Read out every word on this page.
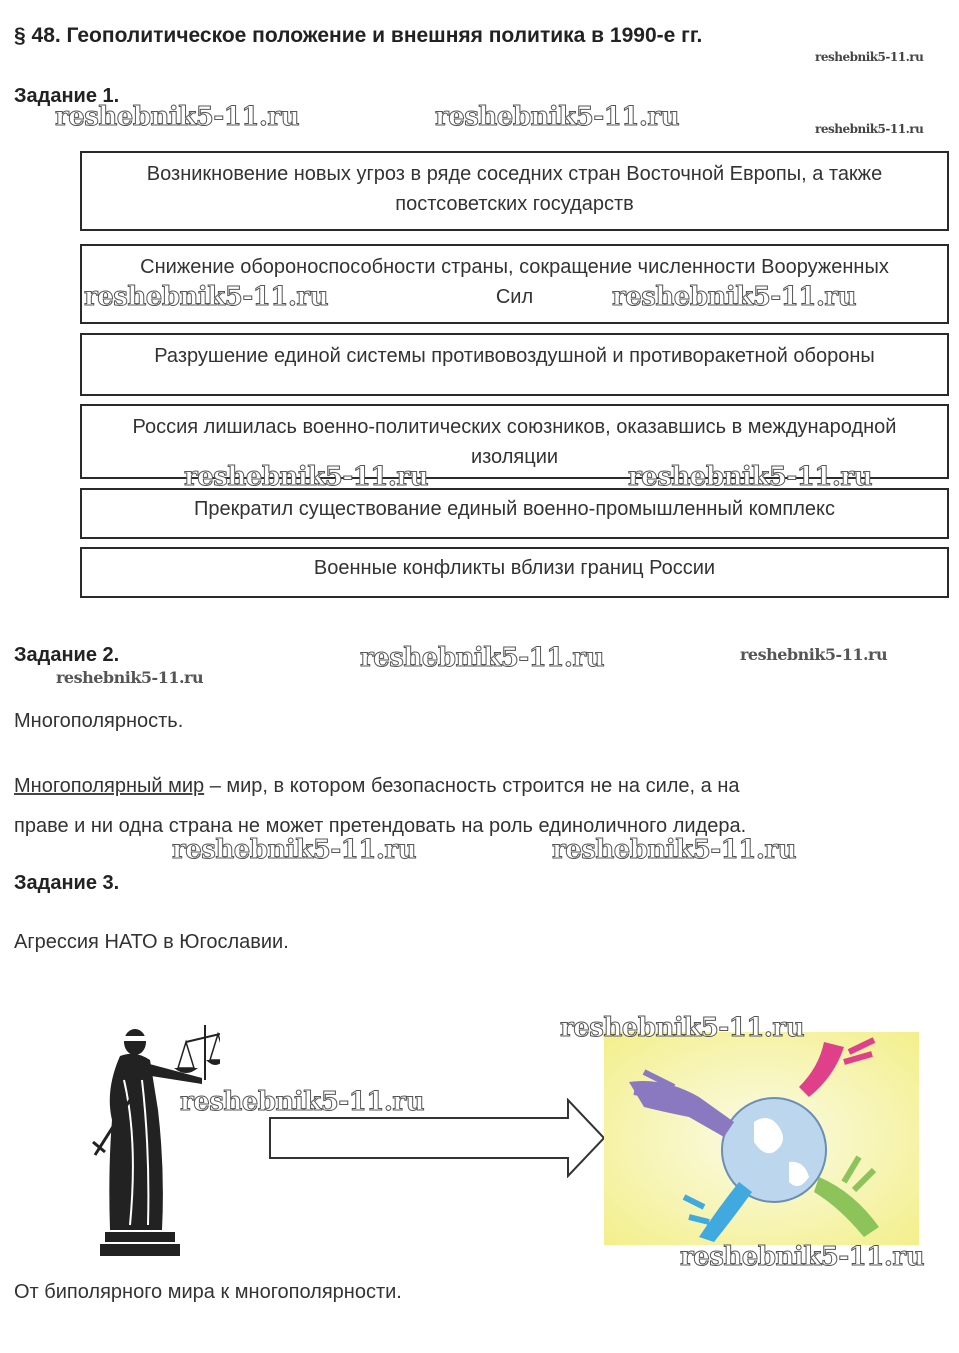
§ 48. Геополитическое положение и внешняя политика в 1990-е гг.
Задание 1.
Возникновение новых угроз в ряде соседних стран Восточной Европы, а также постсоветских государств
Снижение обороноспособности страны, сокращение численности Вооруженных Сил
Разрушение единой системы противовоздушной и противоракетной обороны
Россия лишилась военно-политических союзников, оказавшись в международной изоляции
Прекратил существование единый военно-промышленный комплекс
Военные конфликты вблизи границ России
Задание 2.
Многополярность.
Многополярный мир – мир, в котором безопасность строится не на силе, а на
праве и ни одна страна не может претендовать на роль единоличного лидера.
Задание 3.
Агрессия НАТО в Югославии.
От биполярного мира к многополярности.
reshebnik5-11.ru
reshebnik5-11.ru	reshebnik5-11.ru	reshebnik5-11.ru
reshebnik5-11.ru	reshebnik5-11.ru
reshebnik5-11.ru	reshebnik5-11.ru
reshebnik5-11.ru	reshebnik5-11.ru
reshebnik5-11.ru
reshebnik5-11.ru	reshebnik5-11.ru
reshebnik5-11.ru
reshebnik5-11.ru
reshebnik5-11.ru
